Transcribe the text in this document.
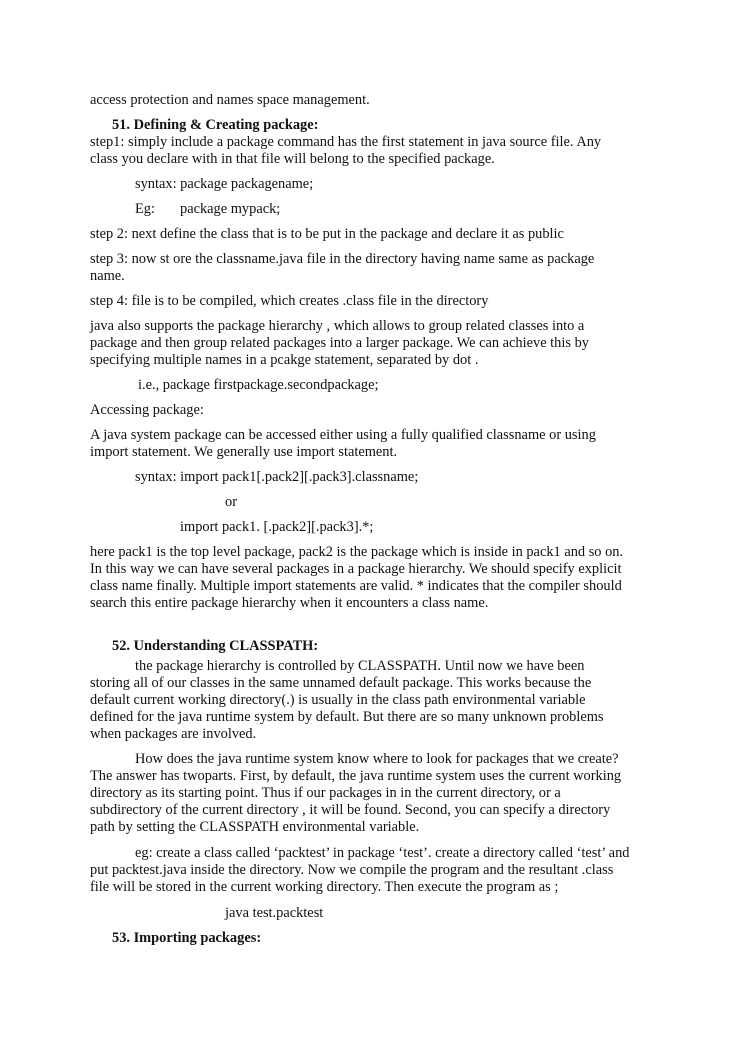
access protection and names space management.
51. Defining & Creating package:
step1: simply include a package command has the first statement in java source file. Any
class you declare with in that file will belong to the specified package.
syntax: package packagename;
Eg: package mypack;
step 2: next define the class that is to be put in the package and declare it as public
step 3: now st ore the classname.java file in the directory having name same as package
name.
step 4: file is to be compiled, which creates .class file in the directory
java also supports the package hierarchy , which allows to group related classes into a
package and then group related packages into a larger package. We can achieve this by
specifying multiple names in a pcakge statement, separated by dot .
i.e., package firstpackage.secondpackage;
Accessing package:
A java system package can be accessed either using a fully qualified classname or using
import statement. We generally use import statement.
syntax: import pack1[.pack2][.pack3].classname;
or
import pack1. [.pack2][.pack3].*;
here pack1 is the top level package, pack2 is the package which is inside in pack1 and so on.
In this way we can have several packages in a package hierarchy. We should specify explicit
class name finally. Multiple import statements are valid. * indicates that the compiler should
search this entire package hierarchy when it encounters a class name.
52. Understanding CLASSPATH:
the package hierarchy is controlled by CLASSPATH. Until now we have been
storing all of our classes in the same unnamed default package. This works because the
default current working directory(.) is usually in the class path environmental variable
defined for the java runtime system by default. But there are so many unknown problems
when packages are involved.
How does the java runtime system know where to look for packages that we create?
The answer has twoparts. First, by default, the java runtime system uses the current working
directory as its starting point. Thus if our packages in in the current directory, or a
subdirectory of the current directory , it will be found. Second, you can specify a directory
path by setting the CLASSPATH environmental variable.
eg: create a class called ‘packtest’ in package ‘test’. create a directory called ‘test’ and
put packtest.java inside the directory. Now we compile the program and the resultant .class
file will be stored in the current working directory. Then execute the program as ;
java test.packtest
53. Importing packages:
